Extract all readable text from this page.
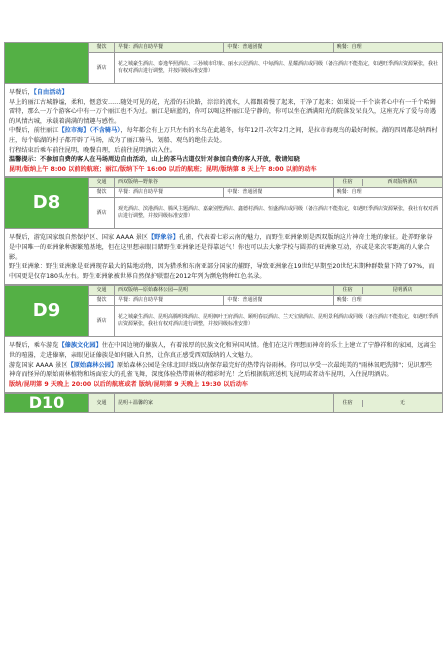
	餐饮	早餐：酒店自助早餐	中餐：普通团餐	晚餐：自理
	酒店	花之城豪生酒店、泰逸华照酒店、三孙城市印象、丽水云居酒店、中甸酒店、星耀酒店或同级（备注酒店不能指定，如遇旺季酒店资源紧张，我社有权对酒店进行调整，并按同级标准安排）		

早餐后，【自由活动】

早上的丽江古城静谧，柔和，惬意安……随处可见的花，光滑的石块路，淙淙的流水，人都跟着慢了起来，干净了起来；如果说一千个读者心中有一千个哈姆雷特，那么一万个游客心中有一万个丽江也不为过。丽江是暗蓝的，你可以喝这杯丽江是宁静的，你可以坐在洒满阳光的院落发呆良久，这座充斥了爱与奇遇的风情古城，承载着满满的情趣与感性。

中餐后，前往丽江【拉市海】（不含骑马），每年都会有上万只左右的水鸟在此越冬，每年12月-次年2月之间，是拉市海观鸟的最好时候。湖的四周都是纳西村庄，每个临湖的村子都开辟了马场，成为了丽江骑马、划船、观鸟的绝佳去处。

行程结束后乘车前往昆明，晚餐自理，后前往昆明酒店入住。

温馨提示：不参加自费的客人在马场周边自由活动，山上的茶马古道仅针对参加自费的客人开放，敬请知晓

昆明/版纳上午 8:00 以前的航班；丽江/版纳下午 16:00 以后的航班；昆明/版纳第 8 天上午 8:00 以前的动车

D8	交通	西双版纳—野象谷		住宿 西双版纳酒店

	餐饮	早餐：酒店自助早餐	中餐：普通团餐	晚餐：自理
	酒店	观光酒店、滨港酒店、腾风主题酒店、嘉豪别墅酒店、鑫德村酒店、恒盛酒店或同级（备注酒店不能指定，如遇旺季酒店资源紧张，我社有权对酒店进行调整，并按同级标准安排）		

早餐后，游览国家级自然保护区、国家 AAAA 景区【野象谷】孔雀，代表着七彩云南的魅力，而野生亚洲象则是西双版纳这片神奇土地的象征。赴养野象谷是中国唯一的亚洲象种源繁殖基地，但在这里想亲眼目睹野生亚洲象还是得靠运气！你也可以去大象学校与圆养的亚洲象互动，亦或是来次零距离的人象合影。

野生亚洲象：野生亚洲象是亚洲现存最大的陆地动物，因为猎杀和东南亚部分国家的捕野，导致亚洲象在19世纪早期至20世纪末期种群数量下降了97%，而中国更是仅存180头左右。野生亚洲象被世界自然保护联盟在2012年列为濒危物种红色名录。

D9	交通	西双版纳—原始森林公园—昆明		住宿 昆明酒店

	餐饮	早餐：酒店自助早餐	中餐：普通团餐	晚餐：自理
	酒店	花之城豪生酒店、昆明高腾明珠酒店、昆明枫叶王府酒店、颐明春辰酒店、兰天宝鼎酒店、昆明景利酒店或同级（备注酒店不能指定，如遇旺季酒店资源紧张，我社有权对酒店进行调整，并按同级标准安排）		

早餐后，乘车游览【傣族文化园】住在中国边境的傣族人，有着浓厚的民族文化和异国风情。他们在这片理想而神奇的乐土上建立了宁静祥和的家园，远离尘世的喧嚣，走进傣寨，亲眼见证傣族是如何融入自然，让你真正感受西双版纳的人文魅力。

游览国家 AAAA 景区【原始森林公园】原始森林公园是全球北回归线以南保存最完好的热带沟谷雨林。你可以享受一次最纯美的"雨林氧吧洗肺"；见识那些神奇而怪异的原始雨林植物和场面宏大的孔雀飞舞，深度体验热带雨林的精彩时光！之后根据航班送机飞昆明或者动车昆明，入住昆明酒店。

版纳/昆明第 9 天晚上 20:00 以后的航班或者 版纳/昆明第 9 天晚上 19:30 以后动车

D10	交通	昆明＋温馨的家	住宿	无
